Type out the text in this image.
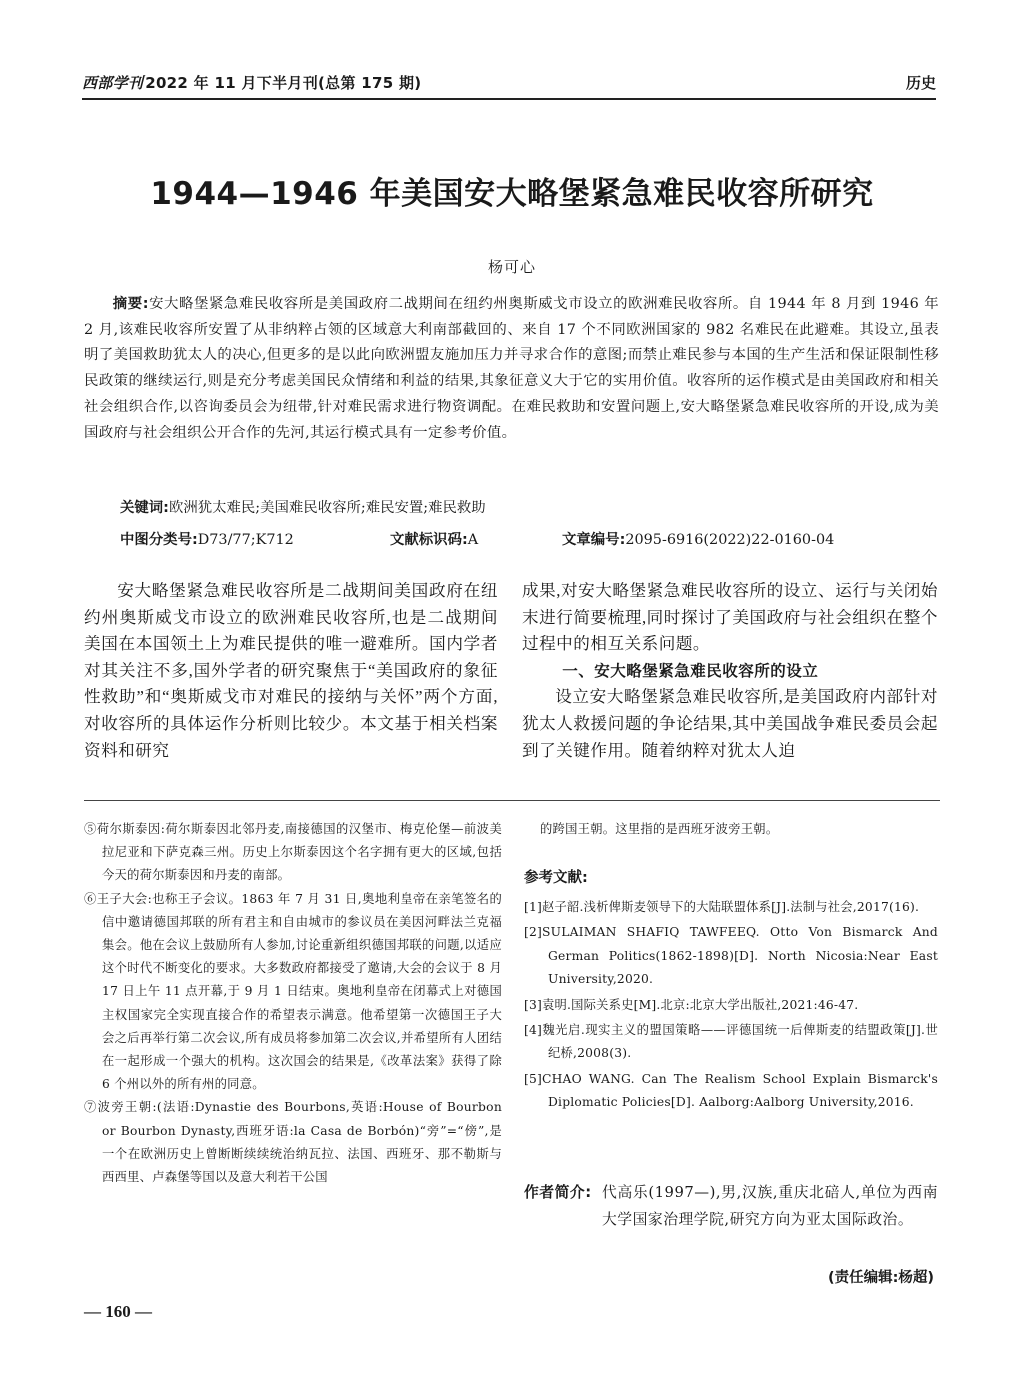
西部学刊 2022 年 11 月下半月刊(总第 175 期)	历史
1944—1946 年美国安大略堡紧急难民收容所研究
杨可心

摘要:安大略堡紧急难民收容所是美国政府二战期间在纽约州奥斯威戈市设立的欧洲难民收容所。自 1944 年 8 月到 1946 年 2 月,该难民收容所安置了从非纳粹占领的区域意大利南部截回的、来自 17 个不同欧洲国家的 982 名难民在此避难。其设立,虽表明了美国救助犹太人的决心,但更多的是以此向欧洲盟友施加压力并寻求合作的意图;而禁止难民参与本国的生产生活和保证限制性移民政策的继续运行,则是充分考虑美国民众情绪和利益的结果,其象征意义大于它的实用价值。收容所的运作模式是由美国政府和相关社会组织合作,以咨询委员会为纽带,针对难民需求进行物资调配。在难民救助和安置问题上,安大略堡紧急难民收容所的开设,成为美国政府与社会组织公开合作的先河,其运行模式具有一定参考价值。

关键词:欧洲犹太难民;美国难民收容所;难民安置;难民救助
中图分类号:D73/77;K712	文献标识码:A	文章编号:2095-6916(2022)22-0160-04

安大略堡紧急难民收容所是二战期间美国政府在纽约州奥斯威戈市设立的欧洲难民收容所,也是二战期间美国在本国领土上为难民提供的唯一避难所。国内学者对其关注不多,国外学者的研究聚焦于“美国政府的象征性救助”和“奥斯威戈市对难民的接纳与关怀”两个方面,对收容所的具体运作分析则比较少。本文基于相关档案资料和研究

成果,对安大略堡紧急难民收容所的设立、运行与关闭始末进行简要梳理,同时探讨了美国政府与社会组织在整个过程中的相互关系问题。

一、安大略堡紧急难民收容所的设立

设立安大略堡紧急难民收容所,是美国政府内部针对犹太人救援问题的争论结果,其中美国战争难民委员会起到了关键作用。随着纳粹对犹太人迫

⑤荷尔斯泰因:荷尔斯泰因北邻丹麦,南接德国的汉堡市、梅克伦堡—前波美拉尼亚和下萨克森三州。历史上尔斯泰因这个名字拥有更大的区域,包括今天的荷尔斯泰因和丹麦的南部。

⑥王子大会:也称王子会议。1863 年 7 月 31 日,奥地利皇帝在亲笔签名的信中邀请德国邦联的所有君主和自由城市的参议员在美因河畔法兰克福集会。他在会议上鼓励所有人参加,讨论重新组织德国邦联的问题,以适应这个时代不断变化的要求。大多数政府都接受了邀请,大会的会议于 8 月 17 日上午 11 点开幕,于 9 月 1 日结束。奥地利皇帝在闭幕式上对德国主权国家完全实现直接合作的希望表示满意。他希望第一次德国王子大会之后再举行第二次会议,所有成员将参加第二次会议,并希望所有人团结在一起形成一个强大的机构。这次国会的结果是,《改革法案》获得了除 6 个州以外的所有州的同意。

⑦波旁王朝:(法语:Dynastie des Bourbons,英语:House of Bourbon or Bourbon Dynasty,西班牙语:la Casa de Borbón)“旁”=“傍”,是一个在欧洲历史上曾断断续续统治纳瓦拉、法国、西班牙、那不勒斯与西西里、卢森堡等国以及意大利若干公国

的跨国王朝。这里指的是西班牙波旁王朝。
参考文献:

[1]赵子韶.浅析俾斯麦领导下的大陆联盟体系[J].法制与社会,2017(16).

[2]SULAIMAN SHAFIQ TAWFEEQ. Otto Von Bismarck And German Politics(1862-1898)[D]. North Nicosia:Near East University,2020.

[3]袁明.国际关系史[M].北京:北京大学出版社,2021:46-47.

[4]魏光启.现实主义的盟国策略——评德国统一后俾斯麦的结盟政策[J].世纪桥,2008(3).

[5]CHAO WANG. Can The Realism School Explain Bismarck's Diplomatic Policies[D]. Aalborg:Aalborg University,2016.

作者简介: 代高乐(1997—),男,汉族,重庆北碚人,单位为西南大学国家治理学院,研究方向为亚太国际政治。
(责任编辑:杨超)
— 160 —
